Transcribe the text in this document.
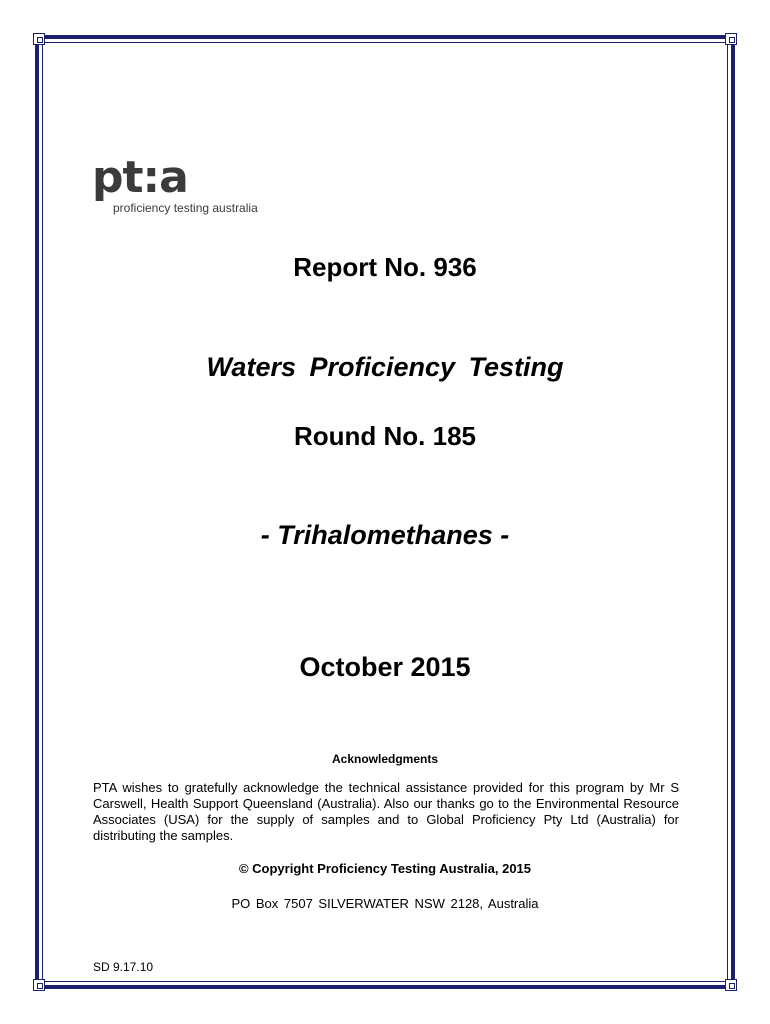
pt:a
proficiency testing australia
Report No. 936
Waters Proficiency Testing
Round No. 185
- Trihalomethanes -
October 2015
Acknowledgments
PTA wishes to gratefully acknowledge the technical assistance provided for this program by Mr S Carswell, Health Support Queensland (Australia). Also our thanks go to the Environmental Resource Associates (USA) for the supply of samples and to Global Proficiency Pty Ltd (Australia) for distributing the samples.
© Copyright Proficiency Testing Australia, 2015
PO Box 7507 SILVERWATER NSW 2128, Australia
SD 9.17.10
